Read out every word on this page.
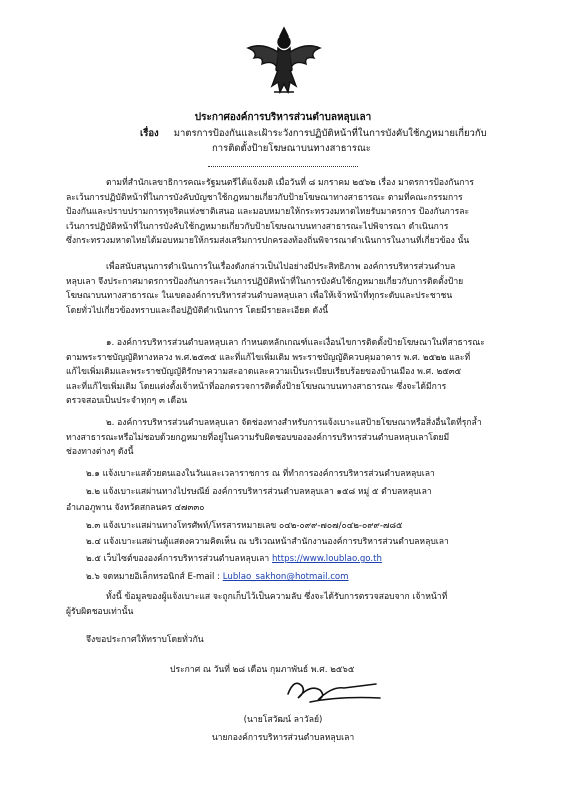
ประกาศองค์การบริหารส่วนตำบลหลุบเลา
เรื่อง มาตรการป้องกันและเฝ้าระวังการปฏิบัติหน้าที่ในการบังคับใช้กฎหมายเกี่ยวกับ
การติดตั้งป้ายโฆษณาบนทางสาธารณะ
ตามที่สำนักเลขาธิการคณะรัฐมนตรีได้แจ้งมติ เมื่อวันที่ ๘ มกราคม ๒๕๖๒ เรื่อง มาตรการป้องกันการ
ละเว้นการปฏิบัติหน้าที่ในการบังคับบัญชาใช้กฎหมายเกี่ยวกับป้ายโฆษณาทางสาธารณะ ตามที่คณะกรรมการ
ป้องกันและปราบปรามการทุจริตแห่งชาติเสนอ และมอบหมายให้กระทรวงมหาดไทยรับมาตรการ ป้องกันการละ
เว้นการปฏิบัติหน้าที่ในการบังคับใช้กฎหมายเกี่ยวกับป้ายโฆษณาบนทางสาธารณะไปพิจารณา ดำเนินการ
ซึ่งกระทรวงมหาดไทยได้มอบหมายให้กรมส่งเสริมการปกครองท้องถิ่นพิจารณาดำเนินการในงานที่เกี่ยวข้อง นั้น
เพื่อสนับสนุนการดำเนินการในเรื่องดังกล่าวเป็นไปอย่างมีประสิทธิภาพ องค์การบริหารส่วนตำบล
หลุบเลา จึงประกาศมาตรการป้องกันการละเว้นการปฏิบัติหน้าที่ในการบังคับใช้กฎหมายเกี่ยวกับการติดตั้งป้าย
โฆษณาบนทางสาธารณะ ในเขตองค์การบริหารส่วนตำบลหลุบเลา เพื่อให้เจ้าหน้าที่ทุกระดับและประชาชน
โดยทั่วไปเกี่ยวข้องทราบและถือปฏิบัติดำเนินการ โดยมีรายละเอียด ดังนี้
๑. องค์การบริหารส่วนตำบลหลุบเลา กำหนดหลักเกณฑ์และเงื่อนไขการติดตั้งป้ายโฆษณาในที่สาธารณะ
ตามพระราชบัญญัติทางหลวง พ.ศ.๒๕๓๕ และที่แก้ไขเพิ่มเติม พระราชบัญญัติควบคุมอาคาร พ.ศ. ๒๕๒๒ และที่
แก้ไขเพิ่มเติมและพระราชบัญญัติรักษาความสะอาดและความเป็นระเบียบเรียบร้อยของบ้านเมือง พ.ศ. ๒๕๓๕
และที่แก้ไขเพิ่มเติม โดยแต่งตั้งเจ้าหน้าที่ออกตรวจการติดตั้งป้ายโฆษณาบนทางสาธารณะ ซึ่งจะได้มีการ
ตรวจสอบเป็นประจำทุกๆ ๓ เดือน
๒. องค์การบริหารส่วนตำบลหลุบเลา จัดช่องทางสำหรับการแจ้งเบาะแสป้ายโฆษณาหรือสิ่งอื่นใดที่รุกล้ำ
ทางสาธารณะหรือไม่ชอบด้วยกฎหมายที่อยู่ในความรับผิดชอบขององค์การบริหารส่วนตำบลหลุบเลาโดยมี
ช่องทางต่างๆ ดังนี้
๒.๑ แจ้งเบาะแสด้วยตนเองในวันและเวลาราชการ ณ ที่ทำการองค์การบริหารส่วนตำบลหลุบเลา
๒.๒ แจ้งเบาะแสผ่านทางไปรษณีย์ องค์การบริหารส่วนตำบลหลุบเลา ๑๕๘ หมู่ ๕ ตำบลหลุบเลา
อำเภอภูพาน จังหวัดสกลนคร ๔๗๓๓๐
๒.๓ แจ้งเบาะแสผ่านทางโทรศัพท์/โทรสารหมายเลข ๐๔๒-๐๙๙-๗๐๗/๐๔๒-๐๙๙-๗๘๕
๒.๔ แจ้งเบาะแสผ่านตู้แสดงความคิดเห็น ณ บริเวณหน้าสำนักงานองค์การบริหารส่วนตำบลหลุบเลา
๒.๕ เว็บไซต์ขององค์การบริหารส่วนตำบลหลุบเลา https://www.loublao.go.th
๒.๖ จดหมายอิเล็กทรอนิกส์ E-mail : Lublao_sakhon@hotmail.com
ทั้งนี้ ข้อมูลของผู้แจ้งเบาะแส จะถูกเก็บไว้เป็นความลับ ซึ่งจะได้รับการตรวจสอบจาก เจ้าหน้าที่
ผู้รับผิดชอบเท่านั้น
จึงขอประกาศให้ทราบโดยทั่วกัน
ประกาศ ณ วันที่ ๒๘ เดือน กุมภาพันธ์ พ.ศ. ๒๕๖๕
(นายโสวัฒน์ ลาวัลย์)
นายกองค์การบริหารส่วนตำบลหลุบเลา
